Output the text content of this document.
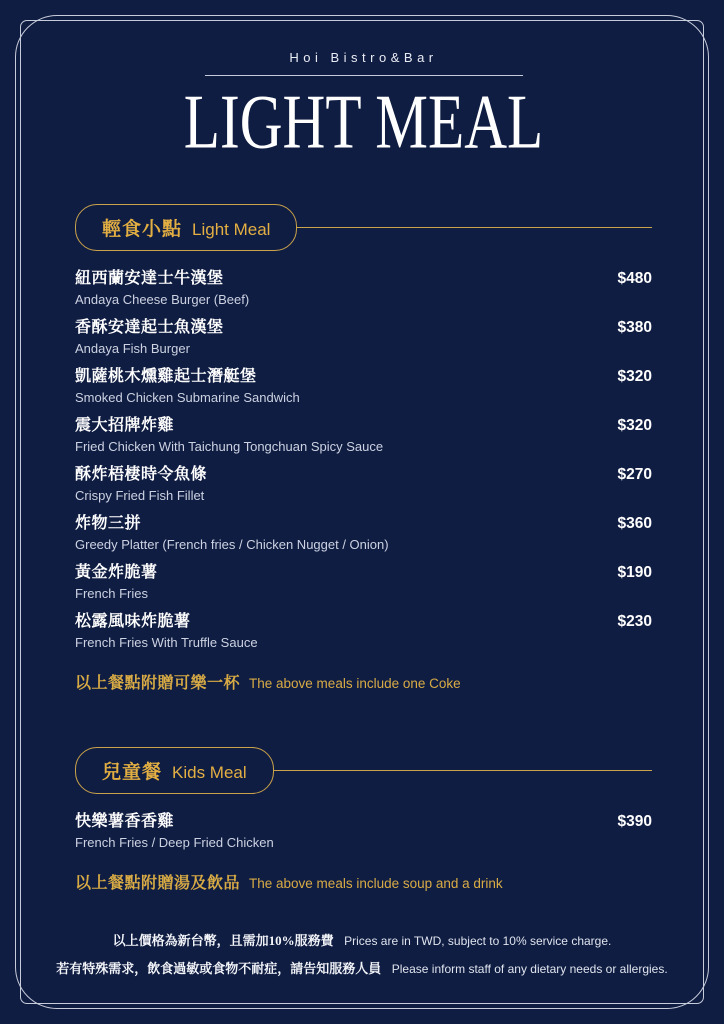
Hoi Bistro&Bar
LIGHT MEAL
輕食小點 Light Meal
紐西蘭安達士牛漢堡
Andaya Cheese Burger (Beef)
$480
香酥安達起士魚漢堡
Andaya Fish Burger
$380
凱薩桃木燻雞起士潛艇堡
Smoked Chicken Submarine Sandwich
$320
震大招牌炸雞
Fried Chicken With Taichung Tongchuan Spicy Sauce
$320
酥炸梧棲時令魚條
Crispy Fried Fish Fillet
$270
炸物三拼
Greedy Platter (French fries / Chicken Nugget / Onion)
$360
黃金炸脆薯
French Fries
$190
松露風味炸脆薯
French Fries With Truffle Sauce
$230
以上餐點附贈可樂一杯 The above meals include one Coke
兒童餐 Kids Meal
快樂薯香香雞
French Fries / Deep Fried Chicken
$390
以上餐點附贈湯及飲品 The above meals include soup and a drink
以上價格為新台幣，且需加10%服務費 Prices are in TWD, subject to 10% service charge.
若有特殊需求，飲食過敏或食物不耐症，請告知服務人員 Please inform staff of any dietary needs or allergies.
